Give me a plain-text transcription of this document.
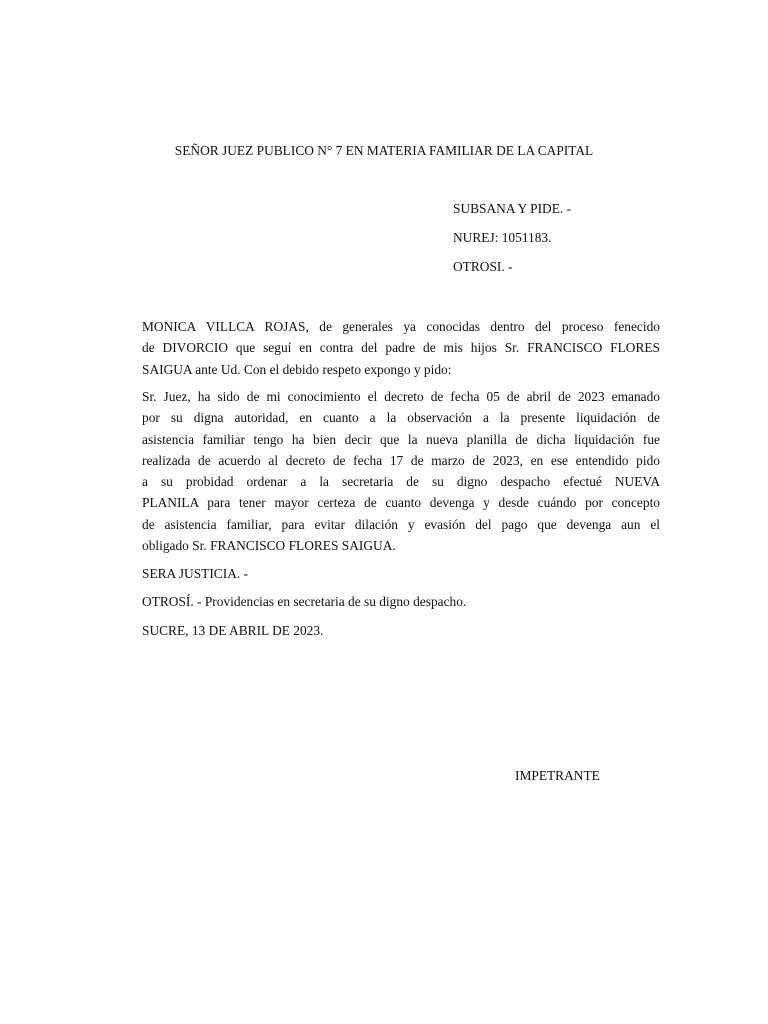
SEÑOR JUEZ PUBLICO N° 7 EN MATERIA FAMILIAR DE LA CAPITAL
SUBSANA Y PIDE. -
NUREJ: 1051183.
OTROSI. -
MONICA VILLCA ROJAS, de generales ya conocidas dentro del proceso fenecido
de DIVORCIO que seguí en contra del padre de mis hijos Sr. FRANCISCO FLORES
SAIGUA ante Ud. Con el debido respeto expongo y pido:
Sr. Juez, ha sido de mi conocimiento el decreto de fecha 05 de abril de 2023 emanado
por su digna autoridad, en cuanto a la observación a la presente liquidación de
asistencia familiar tengo ha bien decir que la nueva planilla de dicha liquidación fue
realizada de acuerdo al decreto de fecha 17 de marzo de 2023, en ese entendido pido
a su probidad ordenar a la secretaria de su digno despacho efectué NUEVA
PLANILA para tener mayor certeza de cuanto devenga y desde cuándo por concepto
de asistencia familiar, para evitar dilación y evasión del pago que devenga aun el
obligado Sr. FRANCISCO FLORES SAIGUA.
SERA JUSTICIA. -
OTROSÍ. - Providencias en secretaria de su digno despacho.
SUCRE, 13 DE ABRIL DE 2023.
IMPETRANTE
